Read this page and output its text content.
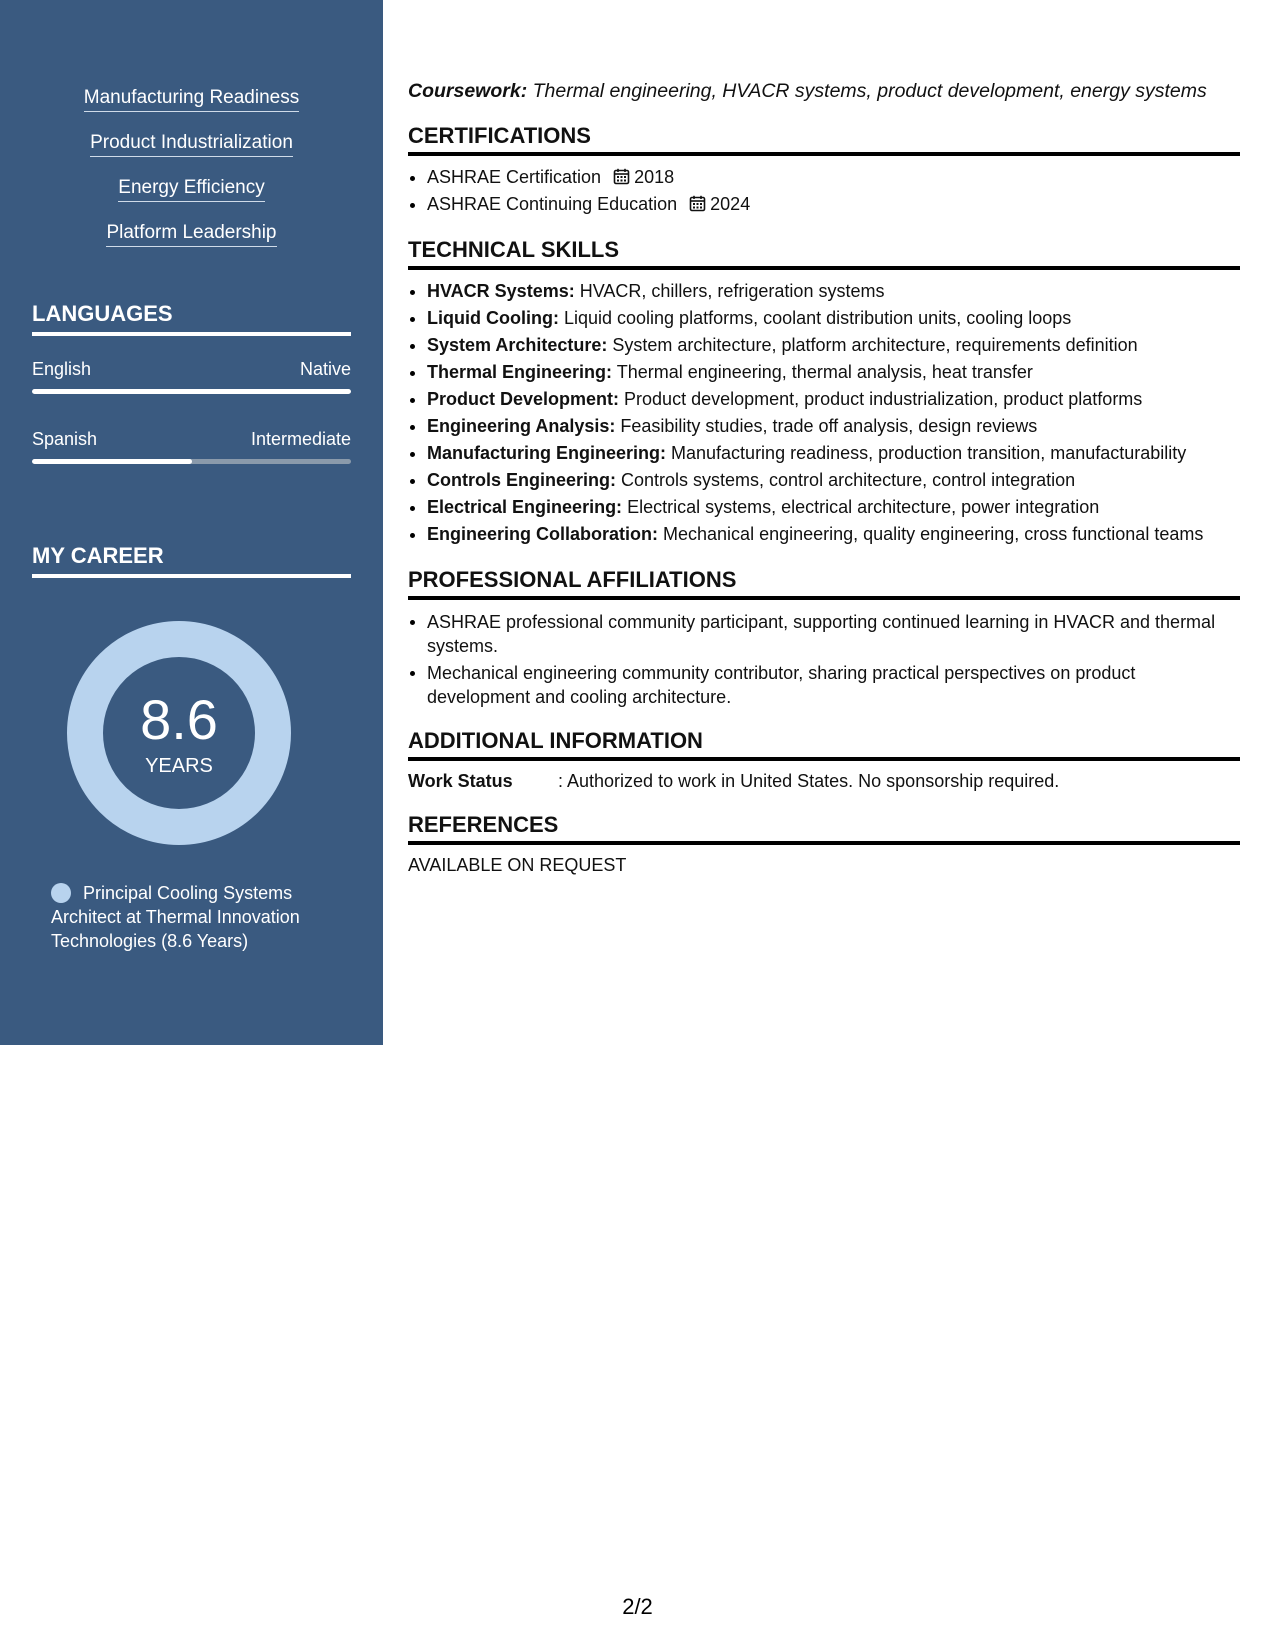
Manufacturing Readiness
Product Industrialization
Energy Efficiency
Platform Leadership
LANGUAGES
English	Native
Spanish	Intermediate
MY CAREER
8.6
YEARS
Principal Cooling Systems Architect at Thermal Innovation Technologies (8.6 Years)
Coursework: Thermal engineering, HVACR systems, product development, energy systems
CERTIFICATIONS
ASHRAE Certification 2018
ASHRAE Continuing Education 2024
TECHNICAL SKILLS
HVACR Systems: HVACR, chillers, refrigeration systems
Liquid Cooling: Liquid cooling platforms, coolant distribution units, cooling loops
System Architecture: System architecture, platform architecture, requirements definition
Thermal Engineering: Thermal engineering, thermal analysis, heat transfer
Product Development: Product development, product industrialization, product platforms
Engineering Analysis: Feasibility studies, trade off analysis, design reviews
Manufacturing Engineering: Manufacturing readiness, production transition, manufacturability
Controls Engineering: Controls systems, control architecture, control integration
Electrical Engineering: Electrical systems, electrical architecture, power integration
Engineering Collaboration: Mechanical engineering, quality engineering, cross functional teams
PROFESSIONAL AFFILIATIONS
ASHRAE professional community participant, supporting continued learning in HVACR and thermal systems.
Mechanical engineering community contributor, sharing practical perspectives on product development and cooling architecture.
ADDITIONAL INFORMATION
Work Status	: Authorized to work in United States. No sponsorship required.
REFERENCES
AVAILABLE ON REQUEST
2/2
